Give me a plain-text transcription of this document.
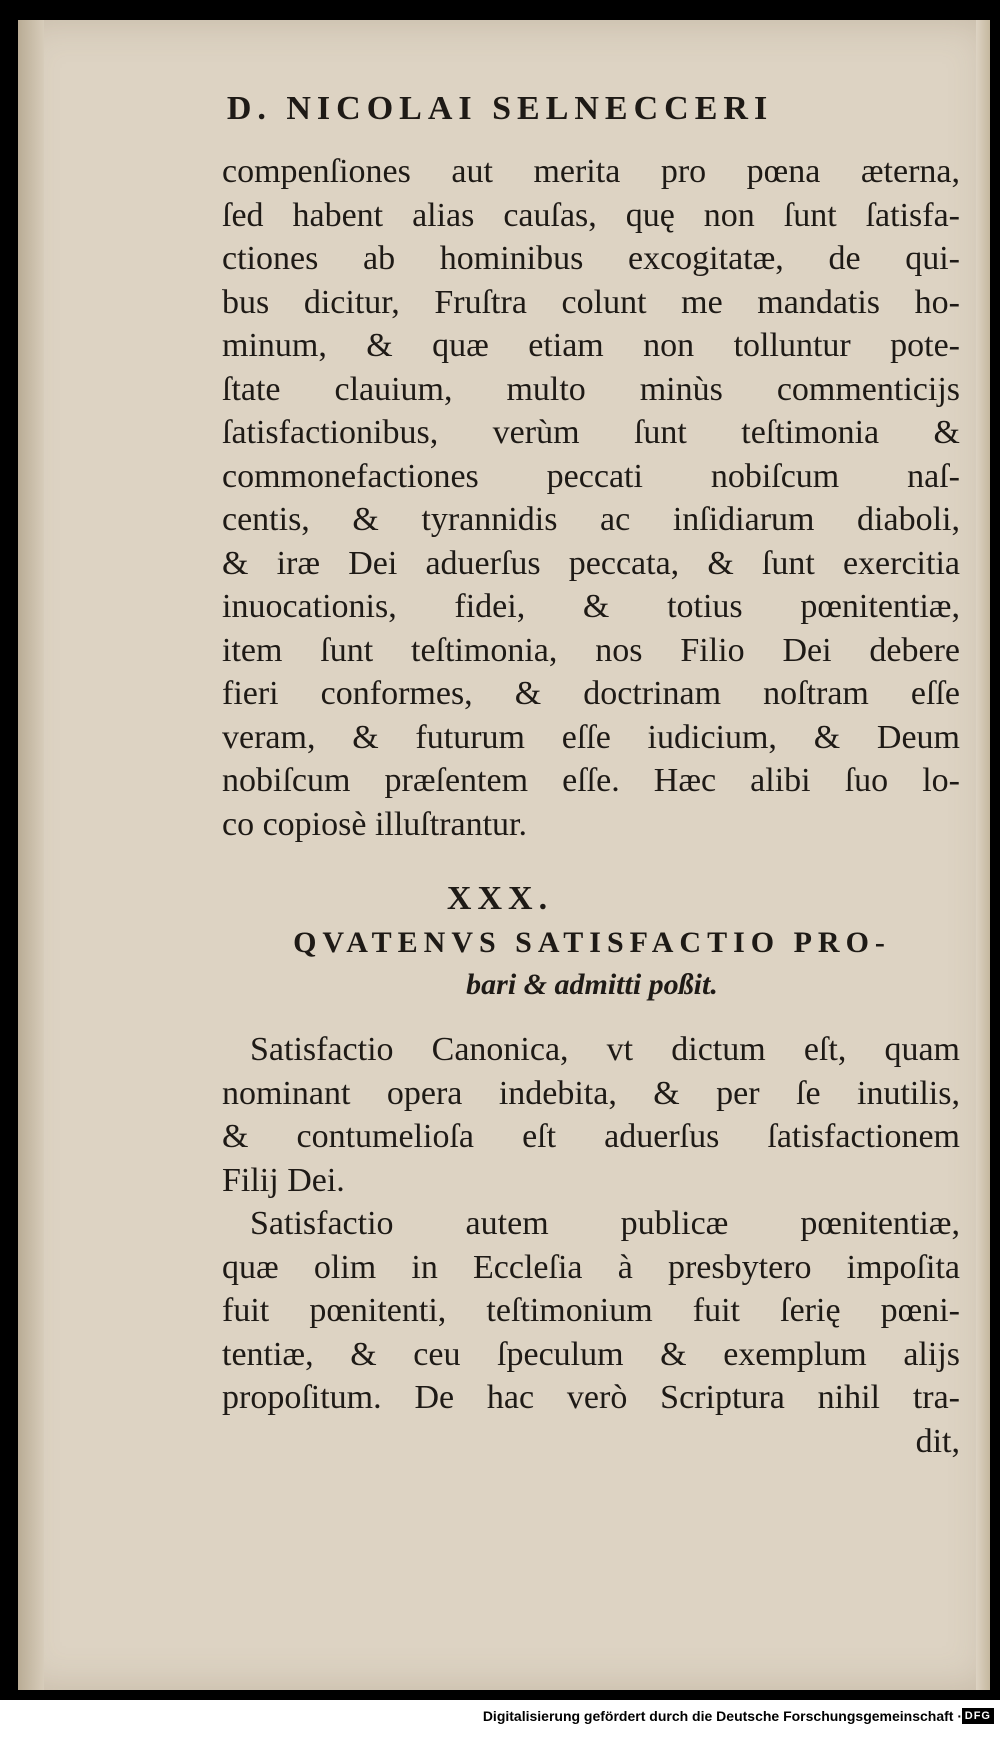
D. NICOLAI SELNECCERI
compenſiones aut merita pro pœna æterna,
ſed habent alias cauſas, quę non ſunt ſatisfa-
ctiones ab hominibus excogitatæ, de qui-
bus dicitur, Fruſtra colunt me mandatis ho-
minum, & quæ etiam non tolluntur pote-
ſtate clauium, multo minùs commenticijs
ſatisfactionibus, verùm ſunt teſtimonia &
commonefactiones peccati nobiſcum naſ-
centis, & tyrannidis ac inſidiarum diaboli,
& iræ Dei aduerſus peccata, & ſunt exercitia
inuocationis, fidei, & totius pœnitentiæ,
item ſunt teſtimonia, nos Filio Dei debere
fieri conformes, & doctrinam noſtram eſſe
veram, & futurum eſſe iudicium, & Deum
nobiſcum præſentem eſſe. Hæc alibi ſuo lo-
co copiosè illuſtrantur.
XXX.
QVATENVS SATISFACTIO PRO-
bari & admitti poßit.
Satisfactio Canonica, vt dictum eſt, quam
nominant opera indebita, & per ſe inutilis,
& contumelioſa eſt aduerſus ſatisfactionem
Filij Dei.
Satisfactio autem publicæ pœnitentiæ,
quæ olim in Eccleſia à presbytero impoſita
fuit pœnitenti, teſtimonium fuit ſerię pœni-
tentiæ, & ceu ſpeculum & exemplum alijs
propoſitum. De hac verò Scriptura nihil tra-
dit,
Digitalisierung gefördert durch die Deutsche Forschungsgemeinschaft · DFG
